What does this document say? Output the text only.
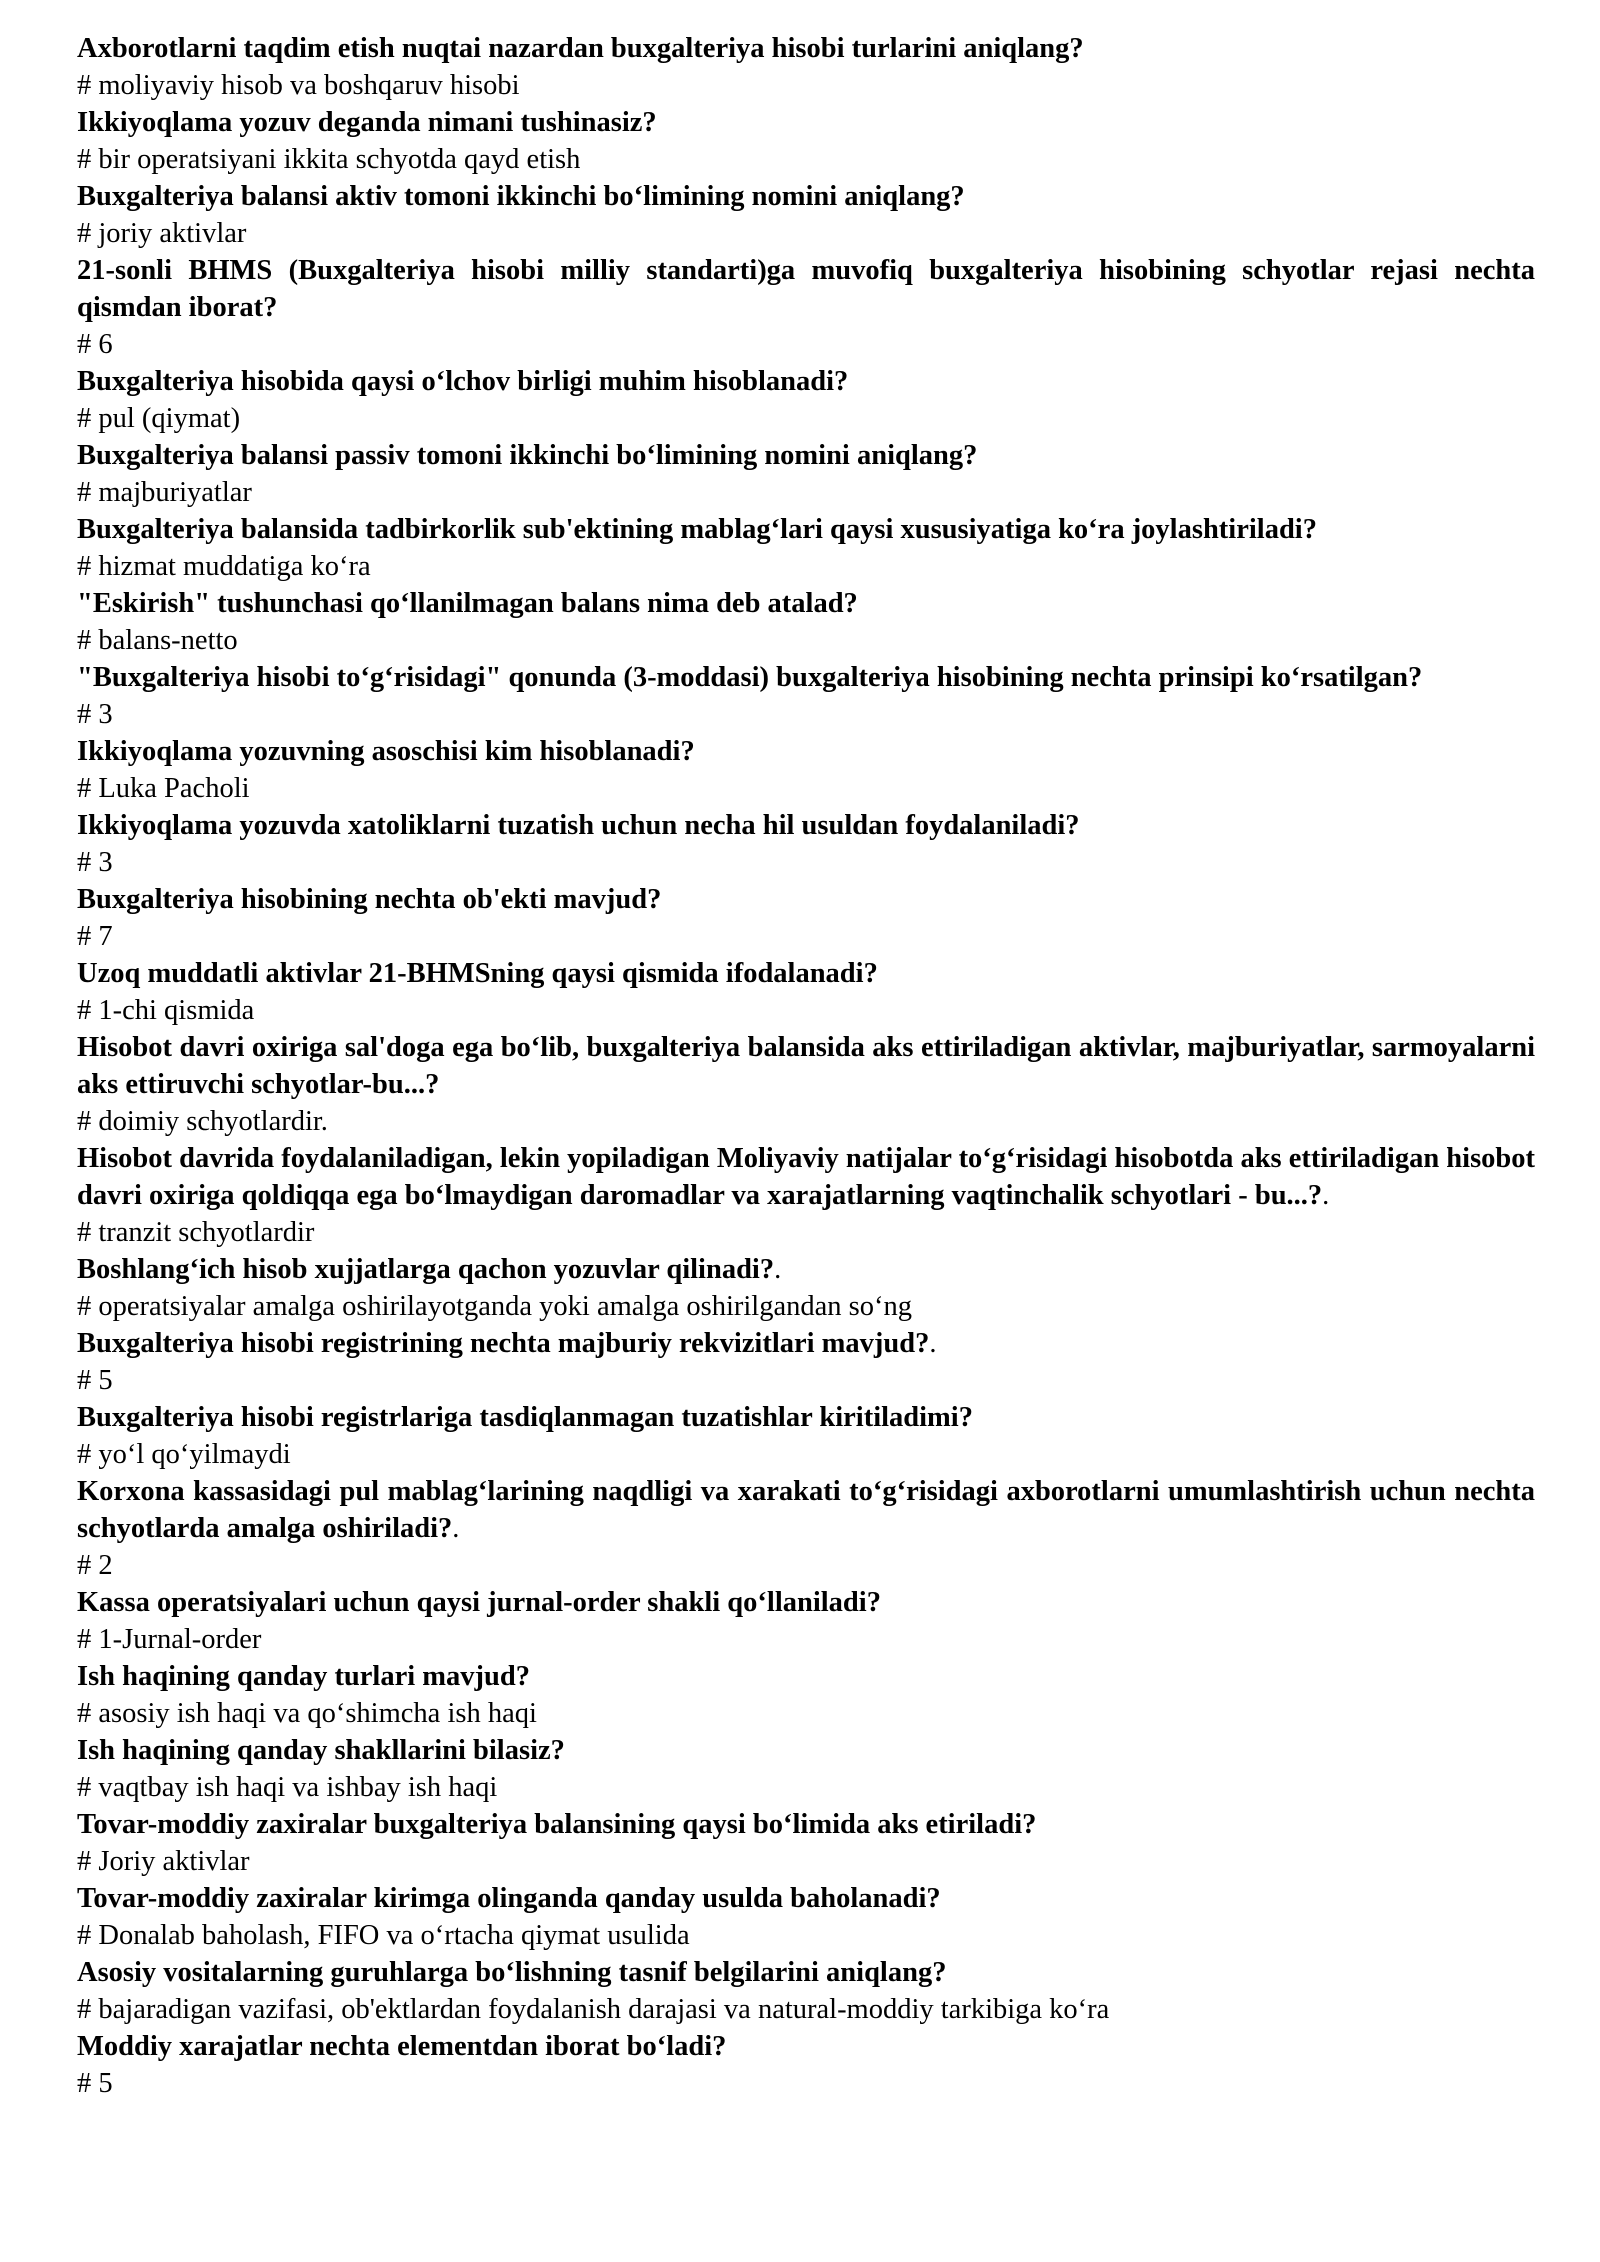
Axborotlarni taqdim etish nuqtai nazardan buxgalteriya hisobi turlarini aniqlang?

# moliyaviy hisob va boshqaruv hisobi

Ikkiyoqlama yozuv deganda nimani tushinasiz?

# bir operatsiyani ikkita schyotda qayd etish

Buxgalteriya balansi aktiv tomoni ikkinchi bo‘limining nomini aniqlang?

# joriy aktivlar

21-sonli BHMS (Buxgalteriya hisobi milliy standarti)ga muvofiq buxgalteriya hisobining schyotlar rejasi nechta qismdan iborat?

# 6

Buxgalteriya hisobida qaysi o‘lchov birligi muhim hisoblanadi?

# pul (qiymat)

Buxgalteriya balansi passiv tomoni ikkinchi bo‘limining nomini aniqlang?

# majburiyatlar

Buxgalteriya balansida tadbirkorlik sub'ektining mablag‘lari qaysi xususiyatiga ko‘ra joylashtiriladi?

# hizmat muddatiga ko‘ra

"Eskirish" tushunchasi qo‘llanilmagan balans nima deb atalad?

# balans-netto

"Buxgalteriya hisobi to‘g‘risidagi" qonunda (3-moddasi) buxgalteriya hisobining nechta prinsipi ko‘rsatilgan?

# 3

Ikkiyoqlama yozuvning asoschisi kim hisoblanadi?

# Luka Pacholi

Ikkiyoqlama yozuvda xatoliklarni tuzatish uchun necha hil usuldan foydalaniladi?

# 3

Buxgalteriya hisobining nechta ob'ekti mavjud?

# 7

Uzoq muddatli aktivlar 21-BHMSning qaysi qismida ifodalanadi?

# 1-chi qismida

Hisobot davri oxiriga sal'doga ega bo‘lib, buxgalteriya balansida aks ettiriladigan aktivlar, majburiyatlar, sarmoyalarni aks ettiruvchi schyotlar-bu...?

# doimiy schyotlardir.

Hisobot davrida foydalaniladigan, lekin yopiladigan Moliyaviy natijalar to‘g‘risidagi hisobotda aks ettiriladigan hisobot davri oxiriga qoldiqqa ega bo‘lmaydigan daromadlar va xarajatlarning vaqtinchalik schyotlari - bu...?.

# tranzit schyotlardir

Boshlang‘ich hisob xujjatlarga qachon yozuvlar qilinadi?.

# operatsiyalar amalga oshirilayotganda yoki amalga oshirilgandan so‘ng

Buxgalteriya hisobi registrining nechta majburiy rekvizitlari mavjud?.

# 5

Buxgalteriya hisobi registrlariga tasdiqlanmagan tuzatishlar kiritiladimi?

# yo‘l qo‘yilmaydi

Korxona kassasidagi pul mablag‘larining naqdligi va xarakati to‘g‘risidagi axborotlarni umumlashtirish uchun nechta schyotlarda amalga oshiriladi?.

# 2

Kassa operatsiyalari uchun qaysi jurnal-order shakli qo‘llaniladi?

# 1-Jurnal-order

Ish haqining qanday turlari mavjud?

# asosiy ish haqi va qo‘shimcha ish haqi

Ish haqining qanday shakllarini bilasiz?

# vaqtbay ish haqi va ishbay ish haqi

Tovar-moddiy zaxiralar buxgalteriya balansining qaysi bo‘limida aks etiriladi?

# Joriy aktivlar

Tovar-moddiy zaxiralar kirimga olinganda qanday usulda baholanadi?

# Donalab baholash, FIFO va o‘rtacha qiymat usulida

Asosiy vositalarning guruhlarga bo‘lishning tasnif belgilarini aniqlang?

# bajaradigan vazifasi, ob'ektlardan foydalanish darajasi va natural-moddiy tarkibiga ko‘ra

Moddiy xarajatlar nechta elementdan iborat bo‘ladi?

# 5
